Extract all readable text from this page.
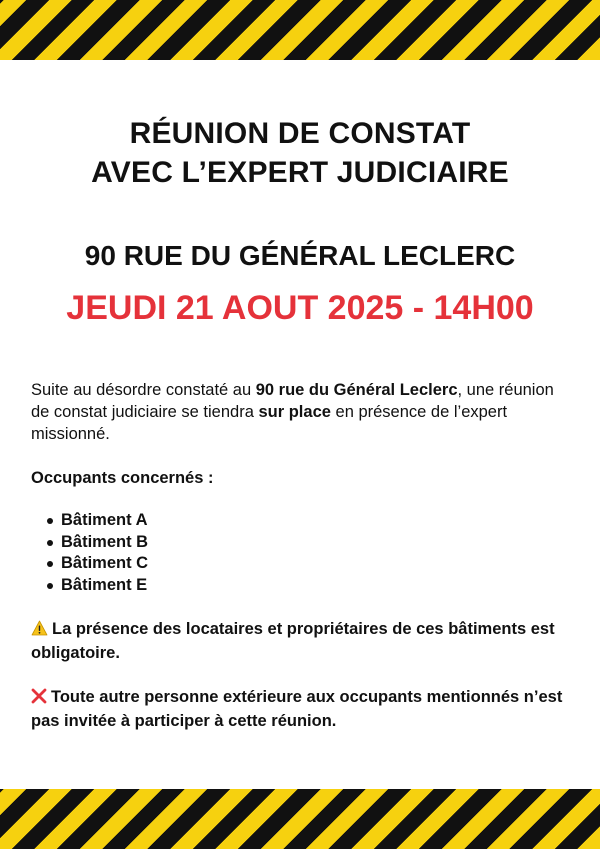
RÉUNION DE CONSTAT
AVEC L’EXPERT JUDICIAIRE
90 RUE DU GÉNÉRAL LECLERC
JEUDI 21 AOUT 2025 - 14H00

Suite au désordre constaté au 90 rue du Général Leclerc, une réunion de constat judiciaire se tiendra sur place en présence de l’expert missionné.

Occupants concernés :

Bâtiment A
Bâtiment B
Bâtiment C
Bâtiment E

La présence des locataires et propriétaires de ces bâtiments est obligatoire.

Toute autre personne extérieure aux occupants mentionnés n’est pas invitée à participer à cette réunion.
